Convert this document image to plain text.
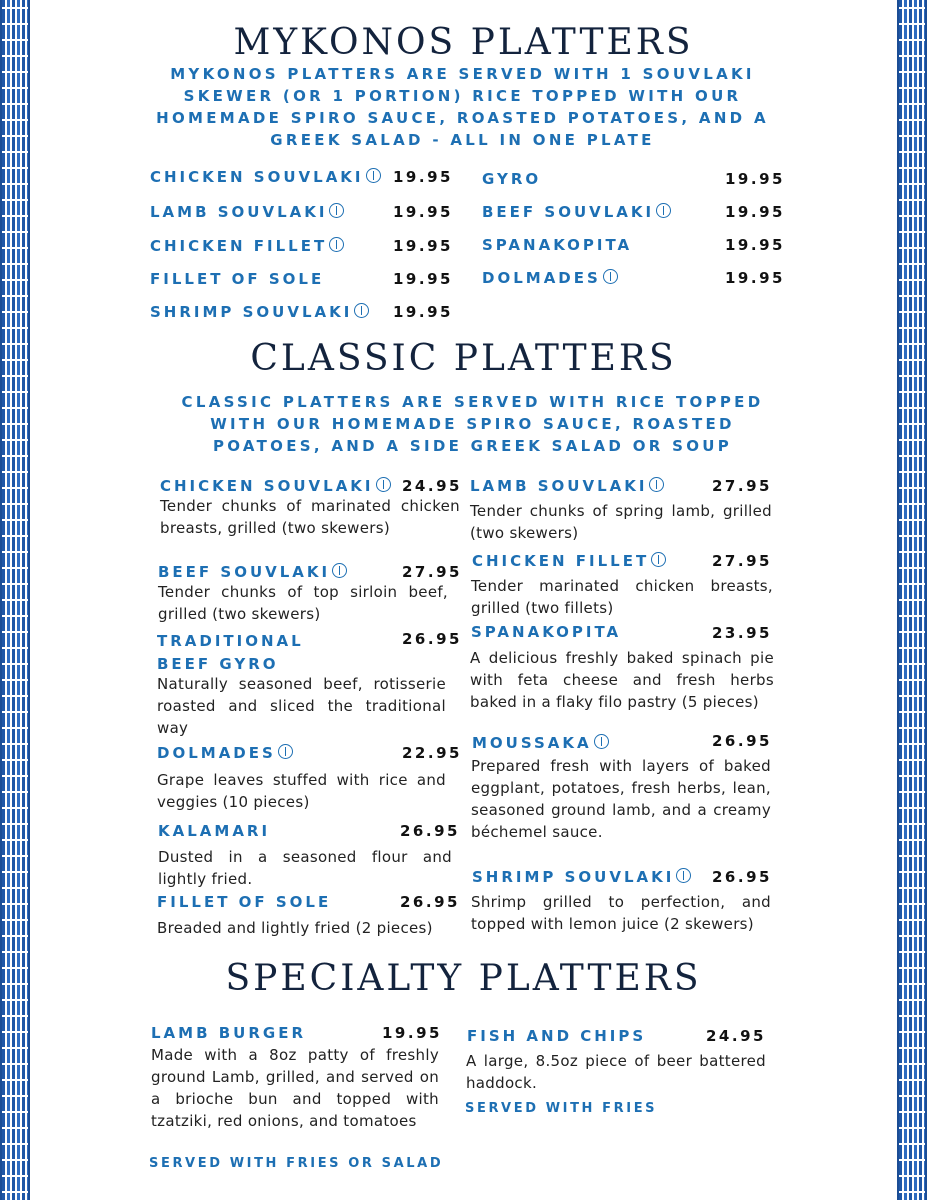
MYKONOS PLATTERS
MYKONOS PLATTERS ARE SERVED WITH 1 SOUVLAKI SKEWER (OR 1 PORTION) RICE TOPPED WITH OUR HOMEMADE SPIRO SAUCE, ROASTED POTATOES, AND A GREEK SALAD - ALL IN ONE PLATE
CHICKEN SOUVLAKI	19.95
LAMB SOUVLAKI	19.95
CHICKEN FILLET	19.95
FILLET OF SOLE	19.95
SHRIMP SOUVLAKI	19.95
GYRO	19.95
BEEF SOUVLAKI	19.95
SPANAKOPITA	19.95
DOLMADES	19.95
CLASSIC PLATTERS
CLASSIC PLATTERS ARE SERVED WITH RICE TOPPED WITH OUR HOMEMADE SPIRO SAUCE, ROASTED POATOES, AND A SIDE GREEK SALAD OR SOUP
CHICKEN SOUVLAKI	24.95
Tender chunks of marinated chicken breasts, grilled (two skewers)
BEEF SOUVLAKI	27.95
Tender chunks of top sirloin beef, grilled (two skewers)
TRADITIONAL BEEF GYRO
26.95
Naturally seasoned beef, rotisserie roasted and sliced the traditional way
DOLMADES	22.95
Grape leaves stuffed with rice and veggies (10 pieces)
KALAMARI	26.95
Dusted in a seasoned flour and lightly fried.
FILLET OF SOLE	26.95
Breaded and lightly fried (2 pieces)
LAMB SOUVLAKI	27.95
Tender chunks of spring lamb, grilled (two skewers)
CHICKEN FILLET	27.95
Tender marinated chicken breasts, grilled (two fillets)
SPANAKOPITA	23.95
A delicious freshly baked spinach pie with feta cheese and fresh herbs baked in a flaky filo pastry (5 pieces)
MOUSSAKA	26.95
Prepared fresh with layers of baked eggplant, potatoes, fresh herbs, lean, seasoned ground lamb, and a creamy béchemel sauce.
SHRIMP SOUVLAKI	26.95
Shrimp grilled to perfection, and topped with lemon juice (2 skewers)
SPECIALTY PLATTERS
LAMB BURGER	19.95
Made with a 8oz patty of freshly ground Lamb, grilled, and served on a brioche bun and topped with tzatziki, red onions, and tomatoes
SERVED WITH FRIES OR SALAD
FISH AND CHIPS	24.95
A large, 8.5oz piece of beer battered haddock.
SERVED WITH FRIES
